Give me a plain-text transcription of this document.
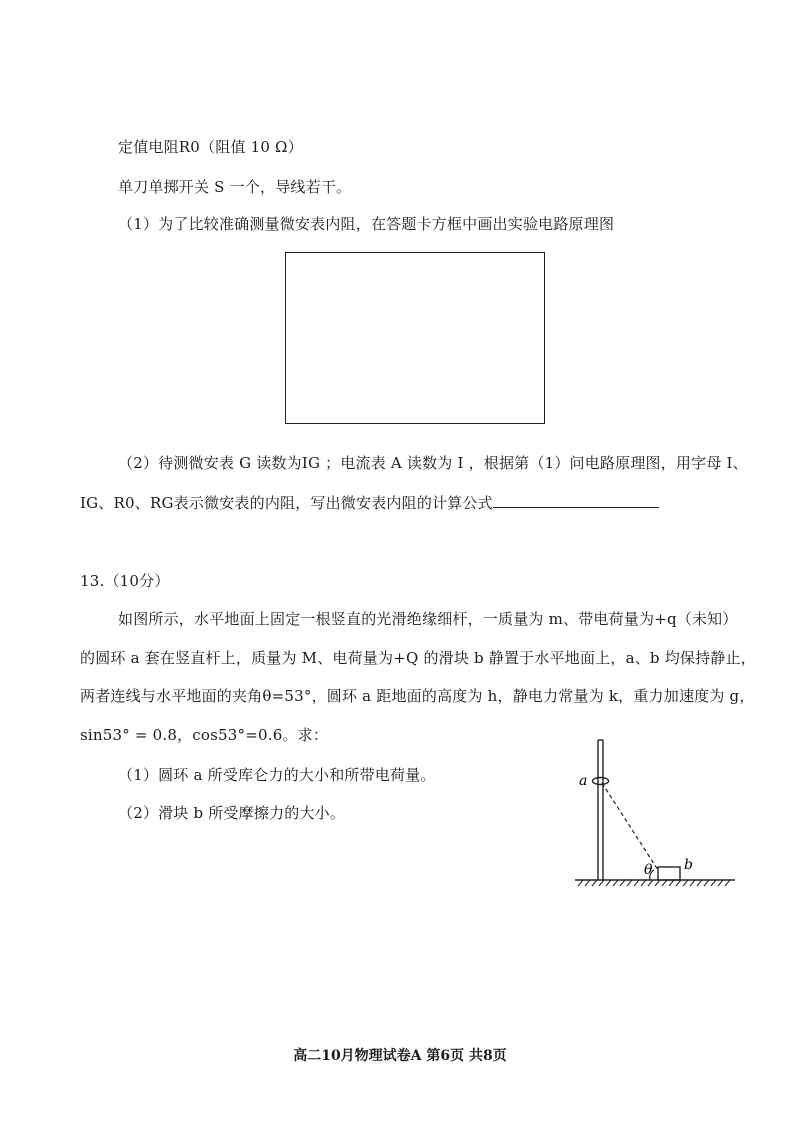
定值电阻R0（阻值 10 Ω）
单刀单掷开关 S 一个，导线若干。
（1）为了比较准确测量微安表内阻，在答题卡方框中画出实验电路原理图
（2）待测微安表 G 读数为IG ；电流表 A 读数为 I ，根据第（1）问电路原理图，用字母 I、
IG、R0、RG表示微安表的内阻，写出微安表内阻的计算公式
13.（10分）
如图所示，水平地面上固定一根竖直的光滑绝缘细杆，一质量为 m、带电荷量为+q（未知）
的圆环 a 套在竖直杆上，质量为 M、电荷量为+Q 的滑块 b 静置于水平地面上，a、b 均保持静止，
两者连线与水平地面的夹角θ=53°，圆环 a 距地面的高度为 h，静电力常量为 k，重力加速度为 g，
sin53° = 0.8，cos53°=0.6。求：
（1）圆环 a 所受库仑力的大小和所带电荷量。
（2）滑块 b 所受摩擦力的大小。
a
θ b
高二10月物理试卷A 第6页 共8页
